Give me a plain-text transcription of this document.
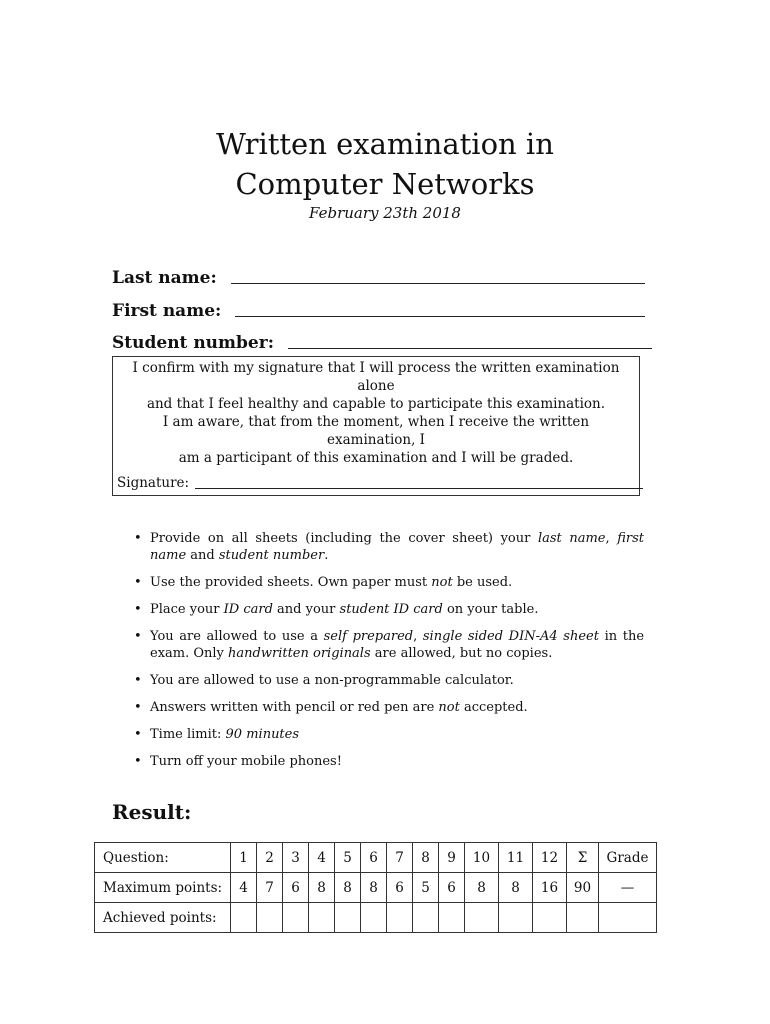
Written examination in
Computer Networks
February 23th 2018
Last name:
First name:
Student number:

I confirm with my signature that I will process the written examination alone

and that I feel healthy and capable to participate this examination.

I am aware, that from the moment, when I receive the written examination, I

am a participant of this examination and I will be graded.

Signature:
• Provide on all sheets (including the cover sheet) your last name, first name and student number.
• Use the provided sheets. Own paper must not be used.
• Place your ID card and your student ID card on your table.
• You are allowed to use a self prepared, single sided DIN-A4 sheet in the exam. Only handwritten originals are allowed, but no copies.
• You are allowed to use a non-programmable calculator.
• Answers written with pencil or red pen are not accepted.
• Time limit: 90 minutes
• Turn off your mobile phones!
Result:
Question:	1	2	3	4	5	6	7	8	9	10	11	12	Σ	Grade
Maximum points:	4	7	6	8	8	8	6	5	6	8	8	16	90	—
Achieved points:														
